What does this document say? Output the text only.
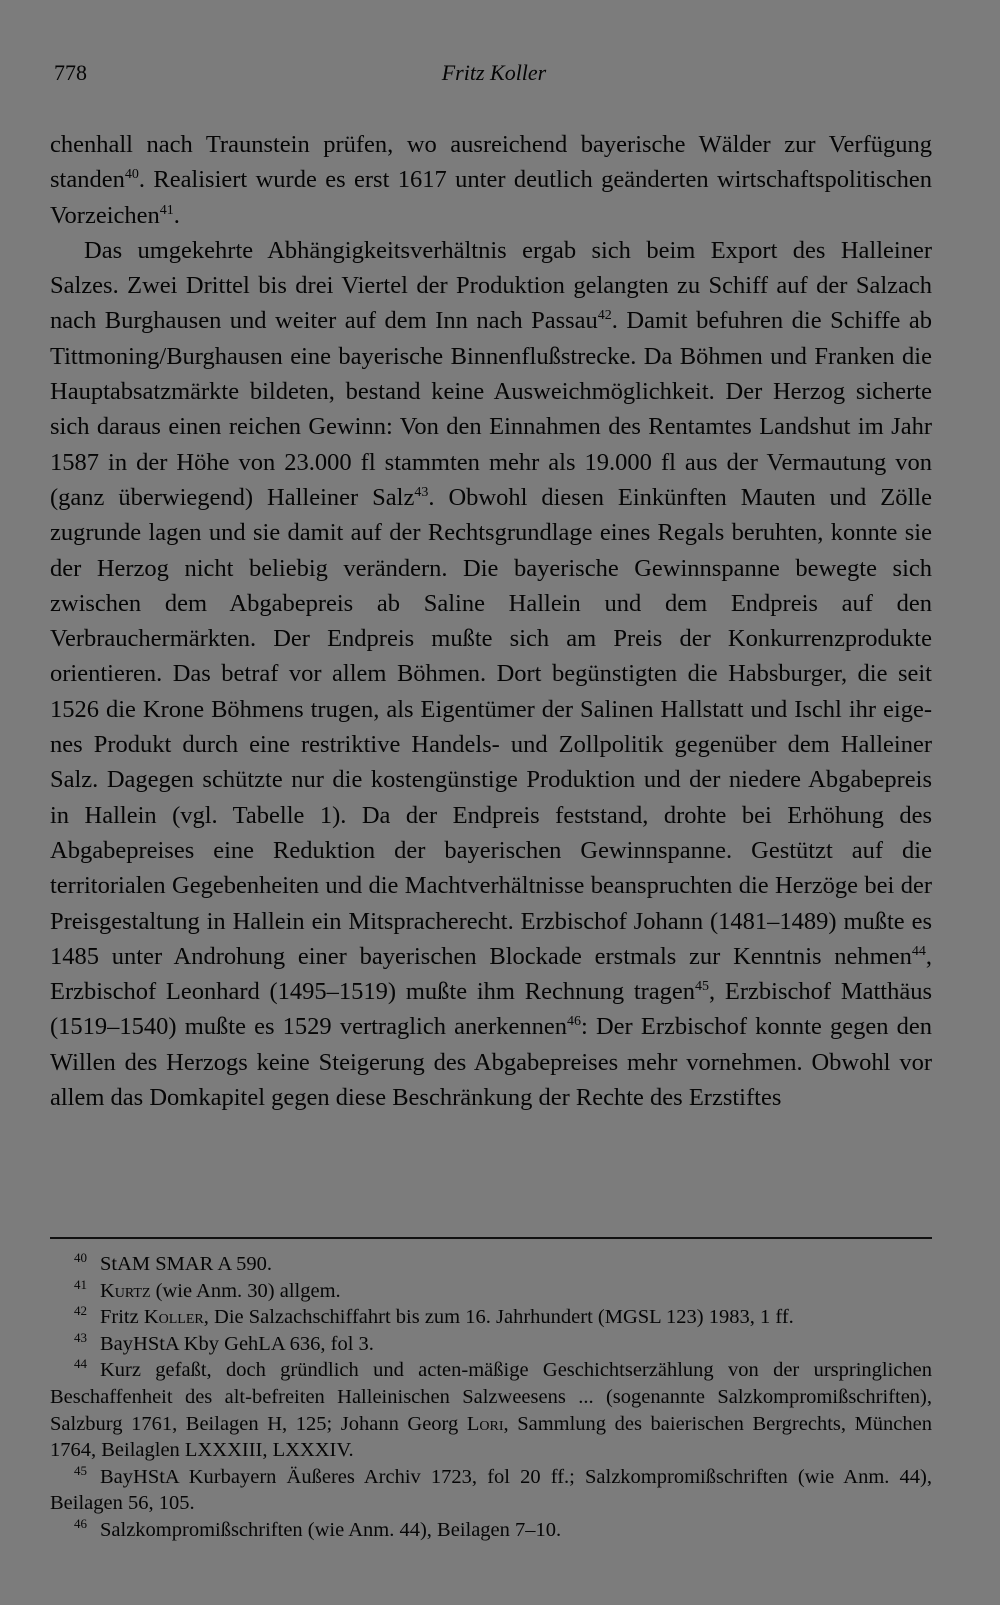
778	Fritz Koller

chenhall nach Traunstein prüfen, wo ausreichend bayerische Wälder zur Verfügung standen$^{40}$. Realisiert wurde es erst 1617 unter deutlich geänderten wirtschaftspolitischen Vorzeichen$^{41}$.

Das umgekehrte Abhängigkeitsverhältnis ergab sich beim Export des Halleiner Salzes. Zwei Drittel bis drei Viertel der Produktion gelangten zu Schiff auf der Salzach nach Burghausen und weiter auf dem Inn nach Passau$^{42}$. Damit befuhren die Schiffe ab Tittmoning/Burghausen eine bayerische Binnenflußstrecke. Da Böhmen und Franken die Hauptabsatzmärkte bildeten, bestand keine Ausweichmöglichkeit. Der Herzog sicherte sich daraus einen reichen Gewinn: Von den Einnahmen des Rentamtes Landshut im Jahr 1587 in der Höhe von 23.000 fl stammten mehr als 19.000 fl aus der Vermautung von (ganz überwiegend) Halleiner Salz$^{43}$. Obwohl diesen Einkünften Mauten und Zölle zugrunde lagen und sie damit auf der Rechtsgrundlage eines Regals beruhten, konnte sie der Herzog nicht beliebig verändern. Die bayerische Gewinnspanne bewegte sich zwischen dem Abgabepreis ab Saline Hallein und dem Endpreis auf den Verbrauchermärkten. Der Endpreis mußte sich am Preis der Konkurrenzprodukte orientieren. Das betraf vor allem Böhmen. Dort begünstigten die Habsburger, die seit 1526 die Krone Böhmens trugen, als Eigentümer der Salinen Hallstatt und Ischl ihr eigenes Produkt durch eine restriktive Handels- und Zollpolitik gegenüber dem Halleiner Salz. Dagegen schützte nur die kostengünstige Produktion und der niedere Abgabepreis in Hallein (vgl. Tabelle 1). Da der Endpreis feststand, drohte bei Erhöhung des Abgabepreises eine Reduktion der bayerischen Gewinnspanne. Gestützt auf die territorialen Gegebenheiten und die Machtverhältnisse beanspruchten die Herzöge bei der Preisgestaltung in Hallein ein Mitspracherecht. Erzbischof Johann (1481–1489) mußte es 1485 unter Androhung einer bayerischen Blockade erstmals zur Kenntnis nehmen$^{44}$, Erzbischof Leonhard (1495–1519) mußte ihm Rechnung tragen$^{45}$, Erzbischof Matthäus (1519–1540) mußte es 1529 vertraglich anerkennen$^{46}$: Der Erzbischof konnte gegen den Willen des Herzogs keine Steigerung des Abgabepreises mehr vornehmen. Obwohl vor allem das Domkapitel gegen diese Beschränkung der Rechte des Erzstiftes

40 StAM SMAR A 590.

41 Kurtz (wie Anm. 30) allgem.

42 Fritz Koller, Die Salzachschiffahrt bis zum 16. Jahrhundert (MGSL 123) 1983, 1 ff.

43 BayHStA Kby GehLA 636, fol 3.

44 Kurz gefaßt, doch gründlich und acten-mäßige Geschichtserzählung von der urspringlichen Beschaffenheit des alt-befreiten Halleinischen Salzweesens ... (sogenannte Salzkompromißschriften), Salzburg 1761, Beilagen H, 125; Johann Georg Lori, Sammlung des baierischen Bergrechts, München 1764, Beilaglen LXXXIII, LXXXIV.

45 BayHStA Kurbayern Äußeres Archiv 1723, fol 20 ff.; Salzkompromißschriften (wie Anm. 44), Beilagen 56, 105.

46 Salzkompromißschriften (wie Anm. 44), Beilagen 7–10.
